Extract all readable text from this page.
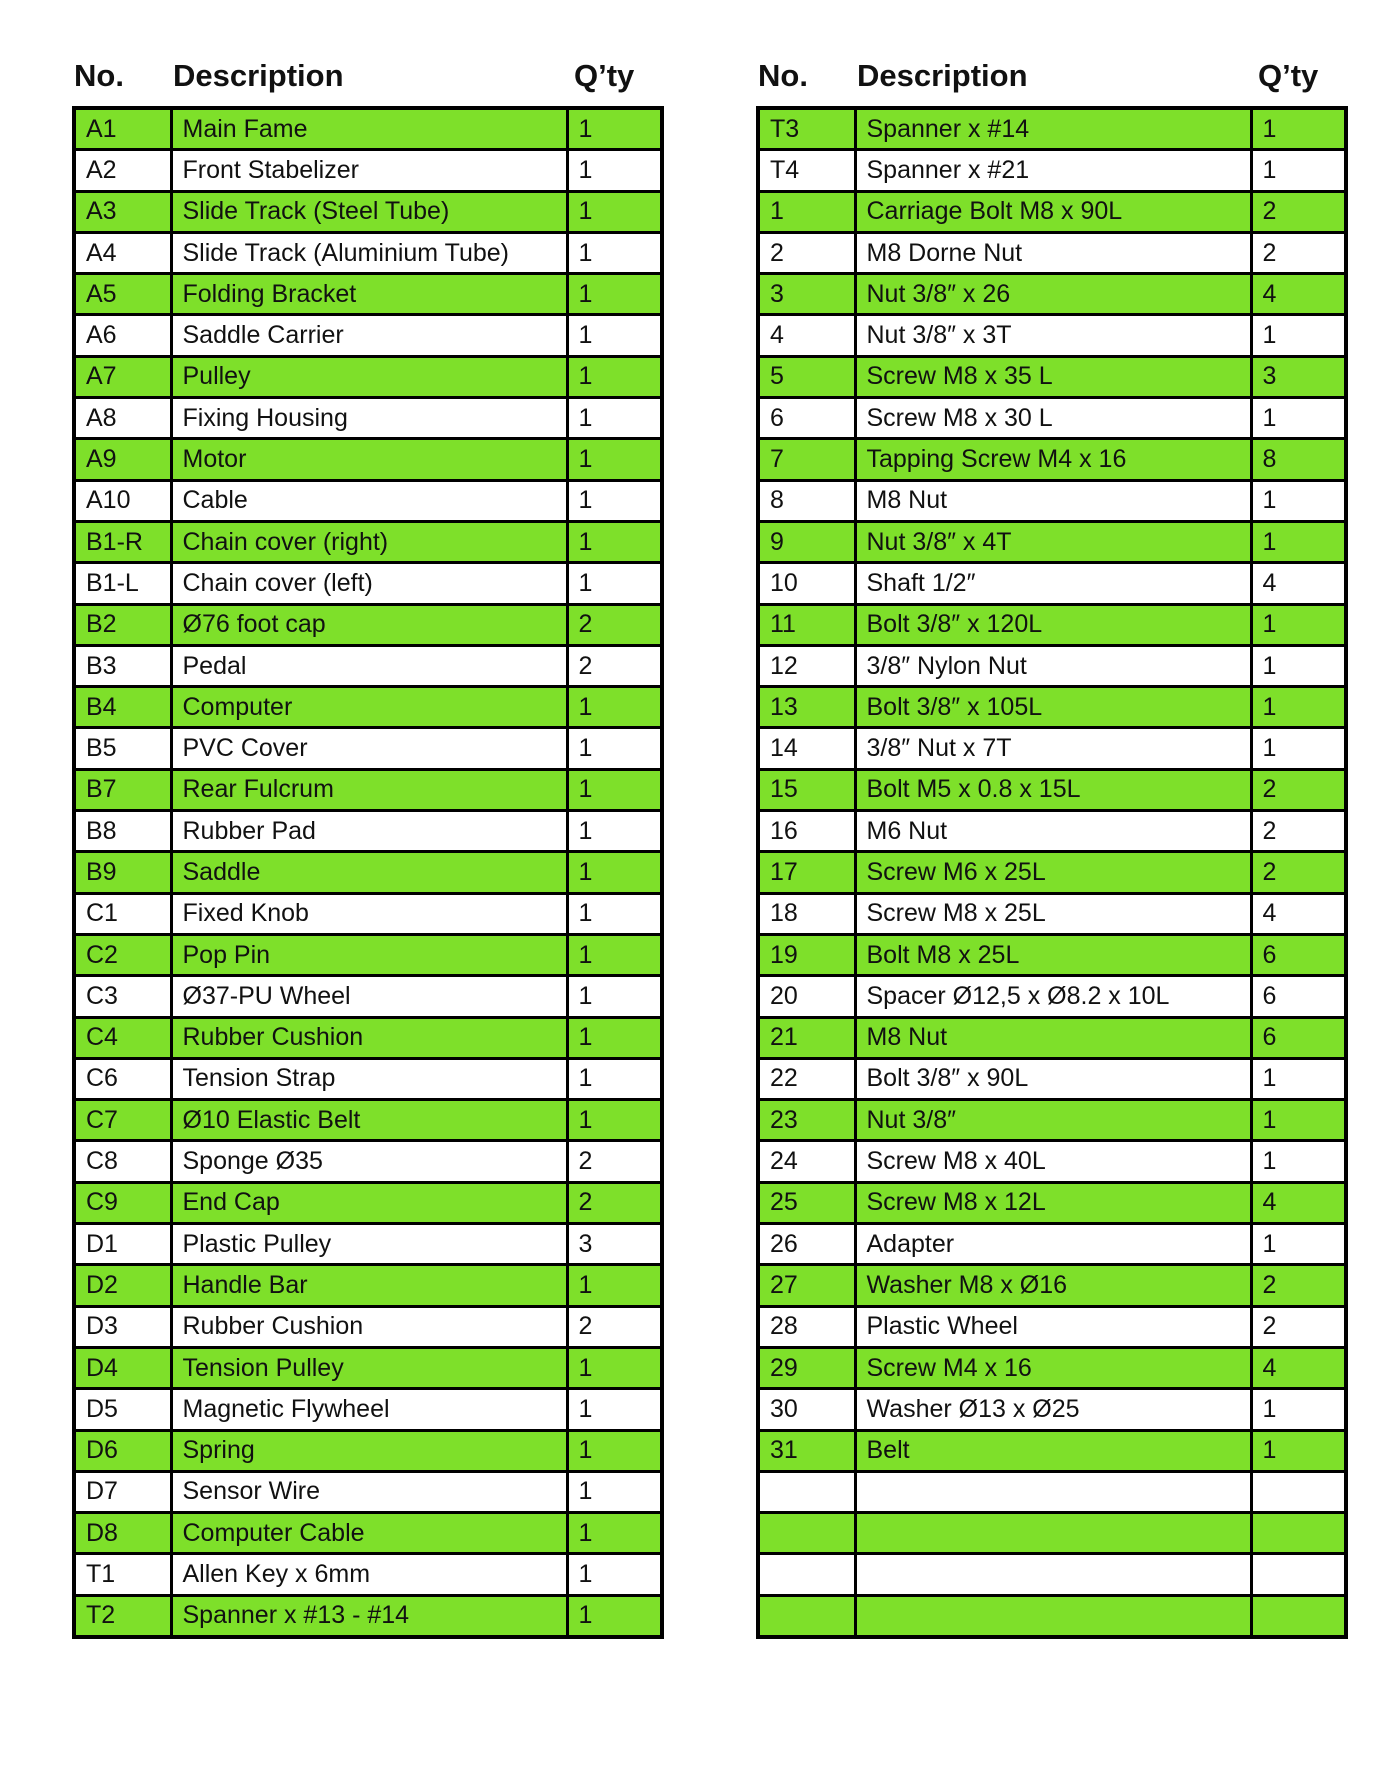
No. Description	Q’ty
A1	Main Fame	1
A2	Front Stabelizer	1
A3	Slide Track (Steel Tube)	1
A4	Slide Track (Aluminium Tube)	1
A5	Folding Bracket	1
A6	Saddle Carrier	1
A7	Pulley	1
A8	Fixing Housing	1
A9	Motor	1
A10	Cable	1
B1-R	Chain cover (right)	1
B1-L	Chain cover (left)	1
B2	Ø76 foot cap	2
B3	Pedal	2
B4	Computer	1
B5	PVC Cover	1
B7	Rear Fulcrum	1
B8	Rubber Pad	1
B9	Saddle	1
C1	Fixed Knob	1
C2	Pop Pin	1
C3	Ø37-PU Wheel	1
C4	Rubber Cushion	1
C6	Tension Strap	1
C7	Ø10 Elastic Belt	1
C8	Sponge Ø35	2
C9	End Cap	2
D1	Plastic Pulley	3
D2	Handle Bar	1
D3	Rubber Cushion	2
D4	Tension Pulley	1
D5	Magnetic Flywheel	1
D6	Spring	1
D7	Sensor Wire	1
D8	Computer Cable	1
T1	Allen Key x 6mm	1
T2	Spanner x #13 - #14	1
No. Description	Q’ty
T3	Spanner x #14	1
T4	Spanner x #21	1
1	Carriage Bolt M8 x 90L	2
2	M8 Dorne Nut	2
3	Nut 3/8″ x 26	4
4	Nut 3/8″ x 3T	1
5	Screw M8 x 35 L	3
6	Screw M8 x 30 L	1
7	Tapping Screw M4 x 16	8
8	M8 Nut	1
9	Nut 3/8″ x 4T	1
10	Shaft 1/2″	4
11	Bolt 3/8″ x 120L	1
12	3/8″ Nylon Nut	1
13	Bolt 3/8″ x 105L	1
14	3/8″ Nut x 7T	1
15	Bolt M5 x 0.8 x 15L	2
16	M6 Nut	2
17	Screw M6 x 25L	2
18	Screw M8 x 25L	4
19	Bolt M8 x 25L	6
20	Spacer Ø12,5 x Ø8.2 x 10L	6
21	M8 Nut	6
22	Bolt 3/8″ x 90L	1
23	Nut 3/8″	1
24	Screw M8 x 40L	1
25	Screw M8 x 12L	4
26	Adapter	1
27	Washer M8 x Ø16	2
28	Plastic Wheel	2
29	Screw M4 x 16	4
30	Washer Ø13 x Ø25	1
31	Belt	1
